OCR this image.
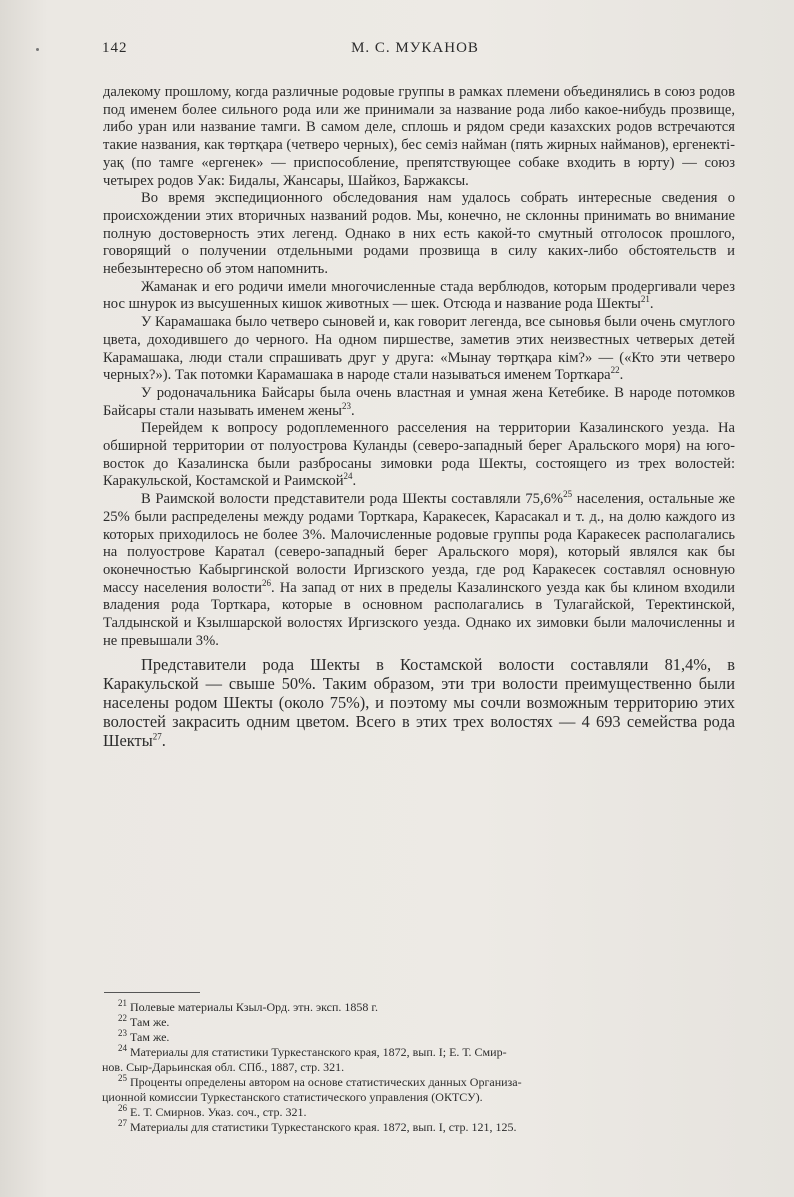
142	М. С. МУКАНОВ

далекому прошлому, когда различные родовые группы в рамках племени объединялись в союз родов под именем более сильного рода или же принимали за название рода либо какое-нибудь прозвище, либо уран или название тамги. В самом деле, сплошь и рядом среди казахских родов встречаются такие названия, как төртқара (четверо черных), бес семіз найман (пять жирных найманов), ергенекті-уақ (по тамге «ергенек» — приспособление, препятствующее собаке входить в юрту) — союз четырех родов Уак: Бидалы, Жансары, Шайкоз, Баржаксы.

Во время экспедиционного обследования нам удалось собрать интересные сведения о происхождении этих вторичных названий родов. Мы, конечно, не склонны принимать во внимание полную достоверность этих легенд. Однако в них есть какой-то смутный отголосок прошлого, говорящий о получении отдельными родами прозвища в силу каких-либо обстоятельств и небезынтересно об этом напомнить.

Жаманак и его родичи имели многочисленные стада верблюдов, которым продергивали через нос шнурок из высушенных кишок животных — шек. Отсюда и название рода Шекты$^{21}$.

У Карамашака было четверо сыновей и, как говорит легенда, все сыновья были очень смуглого цвета, доходившего до черного. На одном пиршестве, заметив этих неизвестных четверых детей Карамашака, люди стали спрашивать друг у друга: «Мынау төртқара кім?» — («Кто эти четверо черных?»). Так потомки Карамашака в народе стали называться именем Торткара$^{22}$.

У родоначальника Байсары была очень властная и умная жена Кетебике. В народе потомков Байсары стали называть именем жены$^{23}$.

Перейдем к вопросу родоплеменного расселения на территории Казалинского уезда. На обширной территории от полуострова Куланды (северо-западный берег Аральского моря) на юго-восток до Казалинска были разбросаны зимовки рода Шекты, состоящего из трех волостей: Каракульской, Костамской и Раимской$^{24}$.

В Раимской волости представители рода Шекты составляли 75,6%$^{25}$ населения, остальные же 25% были распределены между родами Торткара, Каракесек, Карасакал и т. д., на долю каждого из которых приходилось не более 3%. Малочисленные родовые группы рода Каракесек располагались на полуострове Каратал (северо-западный берег Аральского моря), который являлся как бы оконечностью Кабыргинской волости Иргизского уезда, где род Каракесек составлял основную массу населения волости$^{26}$. На запад от них в пределы Казалинского уезда как бы клином входили владения рода Торткара, которые в основном располагались в Тулагайской, Теректинской, Талдынской и Кзылшарской волостях Иргизского уезда. Однако их зимовки были малочисленны и не превышали 3%.

Представители рода Шекты в Костамской волости составляли 81,4%, в Каракульской — свыше 50%. Таким образом, эти три волости преимущественно были населены родом Шекты (около 75%), и поэтому мы сочли возможным территорию этих волостей закрасить одним цветом. Всего в этих трех волостях — 4 693 семейства рода Шекты$^{27}$.

$^{21}$ Полевые материалы Кзыл-Орд. этн. эксп. 1858 г.

$^{22}$ Там же.

$^{23}$ Там же.

$^{24}$ Материалы для статистики Туркестанского края, 1872, вып. I; Е. Т. Смир-

нов. Сыр-Дарьинская обл. СПб., 1887, стр. 321.

$^{25}$ Проценты определены автором на основе статистических данных Организа-

ционной комиссии Туркестанского статистического управления (ОКТСУ).

$^{26}$ Е. Т. Смирнов. Указ. соч., стр. 321.

$^{27}$ Материалы для статистики Туркестанского края. 1872, вып. I, стр. 121, 125.
